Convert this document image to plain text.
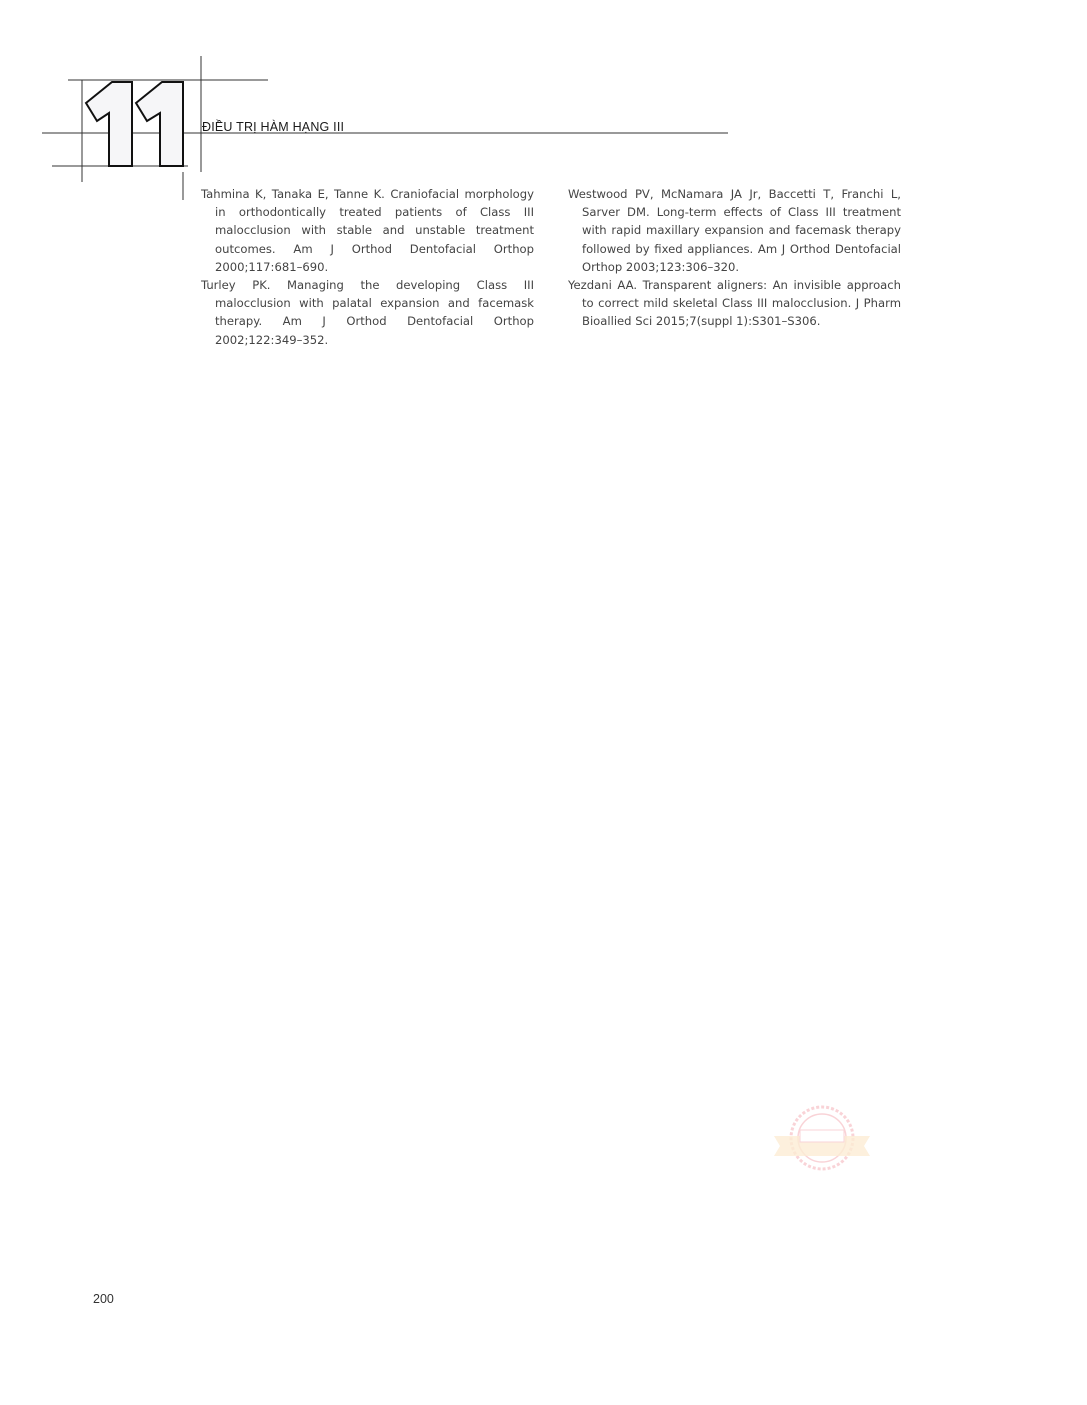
11
ĐIỀU TRỊ HÀM HẠNG III

Tahmina K, Tanaka E, Tanne K. Craniofacial morphology in orthodontically treated patients of Class III malocclusion with stable and unstable treatment outcomes. Am J Orthod Dentofacial Orthop 2000;117:681–690.

Turley PK. Managing the developing Class III malocclusion with palatal expansion and facemask therapy. Am J Orthod Dentofacial Orthop 2002;122:349–352.

Westwood PV, McNamara JA Jr, Baccetti T, Franchi L, Sarver DM. Long-term effects of Class III treatment with rapid maxillary expansion and facemask therapy followed by fixed appliances. Am J Orthod Dentofacial Orthop 2003;123:306–320.

Yezdani AA. Transparent aligners: An invisible approach to correct mild skeletal Class III malocclusion. J Pharm Bioallied Sci 2015;7(suppl 1):S301–S306.

200
